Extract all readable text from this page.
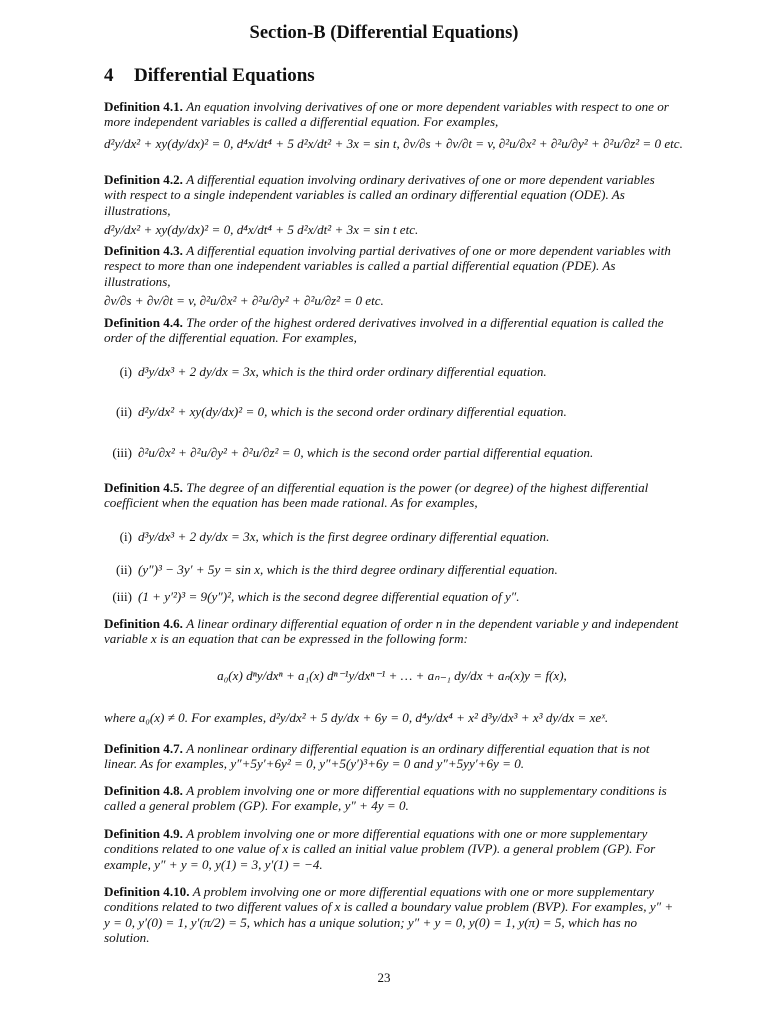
Section-B (Differential Equations)
4 Differential Equations
Definition 4.1. An equation involving derivatives of one or more dependent variables with respect to one or more independent variables is called a differential equation. For examples,
d²y/dx² + xy(dy/dx)² = 0, d⁴x/dt⁴ + 5 d²x/dt² + 3x = sin t, ∂v/∂s + ∂v/∂t = v, ∂²u/∂x² + ∂²u/∂y² + ∂²u/∂z² = 0 etc.
Definition 4.2. A differential equation involving ordinary derivatives of one or more dependent variables with respect to a single independent variables is called an ordinary differential equation (ODE). As illustrations,
d²y/dx² + xy(dy/dx)² = 0, d⁴x/dt⁴ + 5 d²x/dt² + 3x = sin t etc.
Definition 4.3. A differential equation involving partial derivatives of one or more dependent variables with respect to more than one independent variables is called a partial differential equation (PDE). As illustrations,
∂v/∂s + ∂v/∂t = v, ∂²u/∂x² + ∂²u/∂y² + ∂²u/∂z² = 0 etc.
Definition 4.4. The order of the highest ordered derivatives involved in a differential equation is called the order of the differential equation. For examples,
(i) d³y/dx³ + 2 dy/dx = 3x, which is the third order ordinary differential equation.
(ii) d²y/dx² + xy(dy/dx)² = 0, which is the second order ordinary differential equation.
(iii) ∂²u/∂x² + ∂²u/∂y² + ∂²u/∂z² = 0, which is the second order partial differential equation.
Definition 4.5. The degree of an differential equation is the power (or degree) of the highest differential coefficient when the equation has been made rational. As for examples,
(i) d³y/dx³ + 2 dy/dx = 3x, which is the first degree ordinary differential equation.
(ii) (y″)³ − 3y′ + 5y = sin x, which is the third degree ordinary differential equation.
(iii) (1 + y′²)³ = 9(y″)², which is the second degree differential equation of y″.
Definition 4.6. A linear ordinary differential equation of order n in the dependent variable y and independent variable x is an equation that can be expressed in the following form:
a₀(x) dⁿy/dxⁿ + a₁(x) dⁿ⁻¹y/dxⁿ⁻¹ + … + aₙ₋₁ dy/dx + aₙ(x)y = f(x),
where a₀(x) ≠ 0. For examples, d²y/dx² + 5 dy/dx + 6y = 0, d⁴y/dx⁴ + x² d³y/dx³ + x³ dy/dx = xeˣ.
Definition 4.7. A nonlinear ordinary differential equation is an ordinary differential equation that is not linear. As for examples, y″+5y′+6y² = 0, y″+5(y′)³+6y = 0 and y″+5yy′+6y = 0.
Definition 4.8. A problem involving one or more differential equations with no supplementary conditions is called a general problem (GP). For example, y″ + 4y = 0.
Definition 4.9. A problem involving one or more differential equations with one or more supplementary conditions related to one value of x is called an initial value problem (IVP). a general problem (GP). For example, y″ + y = 0, y(1) = 3, y′(1) = −4.
Definition 4.10. A problem involving one or more differential equations with one or more supplementary conditions related to two different values of x is called a boundary value problem (BVP). For examples, y″ + y = 0, y′(0) = 1, y′(π/2) = 5, which has a unique solution; y″ + y = 0, y(0) = 1, y(π) = 5, which has no solution.
23
